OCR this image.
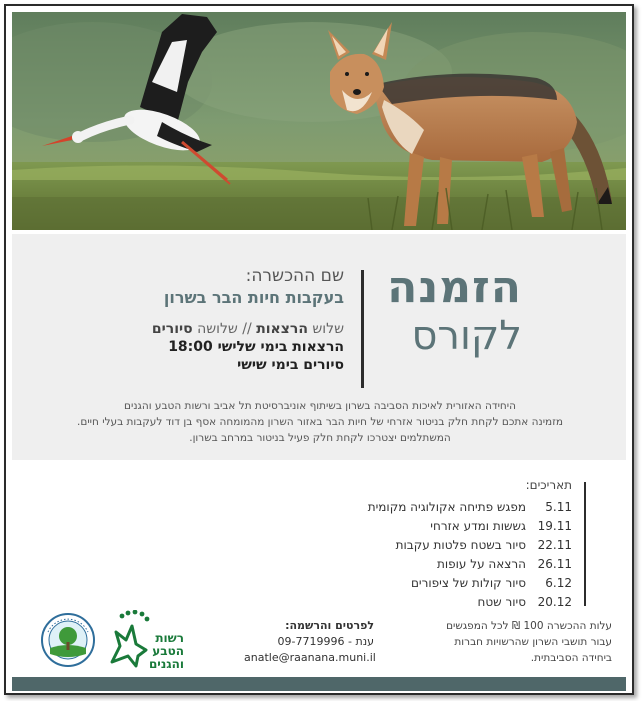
הזמנה
לקורס
שם ההכשרה:
בעקבות חיות הבר בשרון
שלוש הרצאות // שלושה סיורים
הרצאות בימי שלישי 18:00
סיורים בימי שישי
היחידה האזורית לאיכות הסביבה בשרון בשיתוף אוניברסיטת תל אביב ורשות הטבע והגנים
מזמינה אתכם לקחת חלק בניטור אזרחי של חיות הבר באזור השרון מהמומחה אסף בן דוד לעקבות בעלי חיים.
המשתלמים יצטרכו לקחת חלק פעיל בניטור במרחב בשרון.
תאריכים:
5.11
מפגש פתיחה אקולוגיה מקומית
19.11
גששות ומדע אזרחי
22.11
סיור בשטח פלטות עקבות
26.11
הרצאה על עופות
6.12
סיור קולות של ציפורים
20.12
סיור שטח
עלות ההכשרה 100 ₪ לכל המפגשים
עבור תושבי השרון שהרשויות חברות
ביחידה הסביבתית.
לפרטים והרשמה:
ענת - 09-7719996
anatle@raanana.muni.il
רשות
הטבע
והגנים
